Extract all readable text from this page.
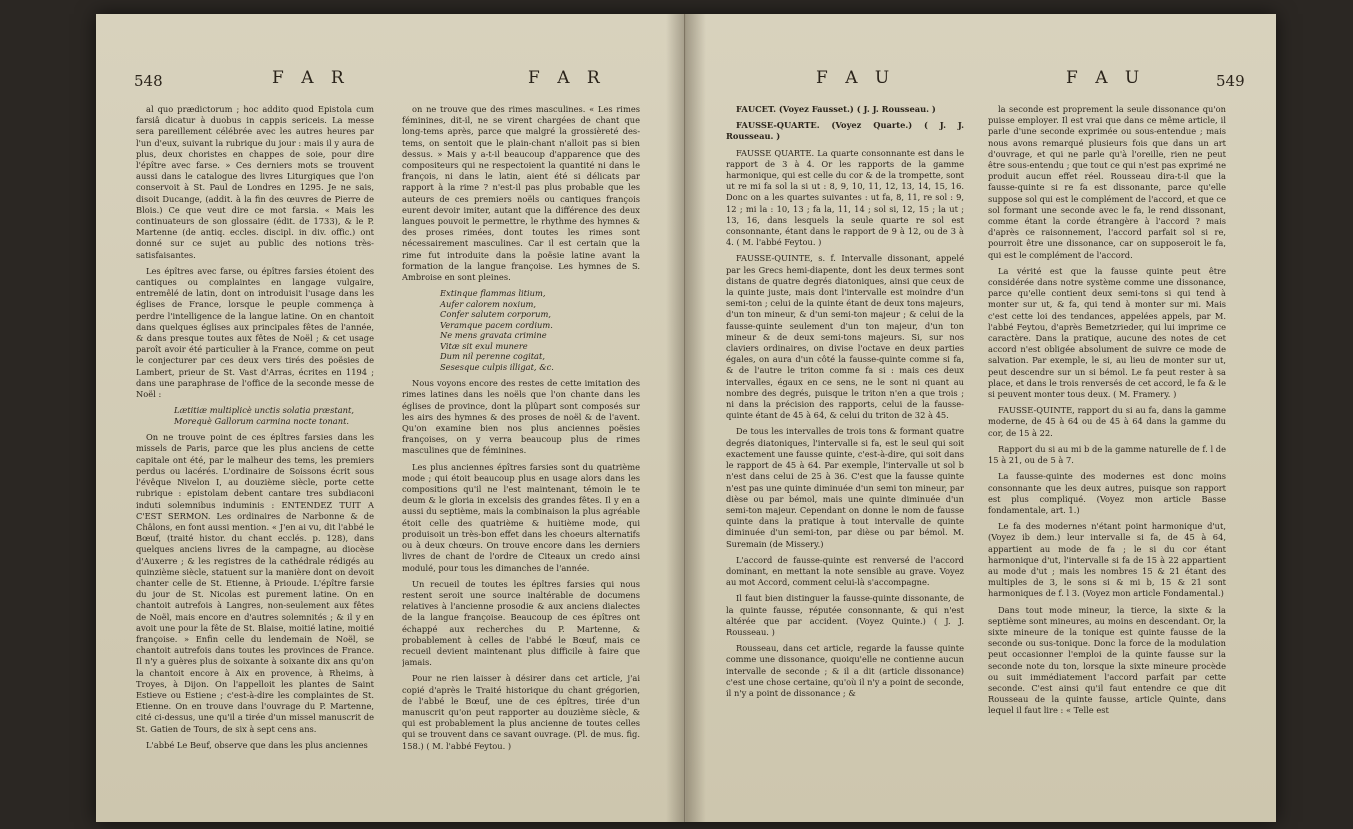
548	F A R	F A R

al quo prædictorum ; hoc addito quod Epistola cum farsiâ dicatur à duobus in cappis sericeis. La messe sera pareillement célébrée avec les autres heures par l'un d'eux, suivant la rubrique du jour : mais il y aura de plus, deux choristes en chappes de soie, pour dire l'épître avec farse. » Ces derniers mots se trouvent aussi dans le catalogue des livres Liturgiques que l'on conservoit à St. Paul de Londres en 1295. Je ne sais, disoit Ducange, (addit. à la fin des œuvres de Pierre de Blois.) Ce que veut dire ce mot farsia. « Mais les continuateurs de son glossaire (édit. de 1733), & le P. Martenne (de antiq. eccles. discipl. in div. offic.) ont donné sur ce sujet au public des notions très-satisfaisantes.

Les épîtres avec farse, ou épîtres farsies étoient des cantiques ou complaintes en langage vulgaire, entremêlé de latin, dont on introduisit l'usage dans les églises de France, lorsque le peuple commença à perdre l'intelligence de la langue latine. On en chantoit dans quelques églises aux principales fêtes de l'année, & dans presque toutes aux fêtes de Noël ; & cet usage paroît avoir été particulier à la France, comme on peut le conjecturer par ces deux vers tirés des poësies de Lambert, prieur de St. Vast d'Arras, écrites en 1194 ; dans une paraphrase de l'office de la seconde messe de Noël :

Lætitiæ multiplicè unctis solatia præstant,

Morequè Gallorum carmina nocte tonant.

On ne trouve point de ces épîtres farsies dans les missels de Paris, parce que les plus anciens de cette capitale ont été, par le malheur des tems, les premiers perdus ou lacérés. L'ordinaire de Soissons écrit sous l'évêque Nivelon I, au douzième siècle, porte cette rubrique : epistolam debent cantare tres subdiaconi induti solemnibus induminis : ENTENDEZ TUIT A C'EST SERMON. Les ordinaires de Narbonne & de Châlons, en font aussi mention. « J'en ai vu, dit l'abbé le Bœuf, (traité histor. du chant ecclés. p. 128), dans quelques anciens livres de la campagne, au diocèse d'Auxerre ; & les registres de la cathédrale rédigés au quinzième siècle, statuent sur la manière dont on devoit chanter celle de St. Etienne, à Prioude. L'épître farsie du jour de St. Nicolas est purement latine. On en chantoit autrefois à Langres, non-seulement aux fêtes de Noël, mais encore en d'autres solemnités ; & il y en avoit une pour la fête de St. Blaise, moitié latine, moitié françoise. » Enfin celle du lendemain de Noël, se chantoit autrefois dans toutes les provinces de France. Il n'y a guères plus de soixante à soixante dix ans qu'on la chantoit encore à Aix en provence, à Rheims, à Troyes, à Dijon. On l'appelloit les plantes de Saint Estieve ou Estiene ; c'est-à-dire les complaintes de St. Etienne. On en trouve dans l'ouvrage du P. Martenne, cité ci-dessus, une qu'il a tirée d'un missel manuscrit de St. Gatien de Tours, de six à sept cens ans.

L'abbé Le Beuf, observe que dans les plus anciennes

on ne trouve que des rimes masculines. « Les rimes féminines, dit-il, ne se virent chargées de chant que long-tems après, parce que malgré la grossièreté des-tems, on sentoit que le plain-chant n'alloit pas si bien dessus. » Mais y a-t-il beaucoup d'apparence que des compositeurs qui ne respectoient la quantité ni dans le françois, ni dans le latin, aient été si délicats par rapport à la rime ? n'est-il pas plus probable que les auteurs de ces premiers noëls ou cantiques françois eurent devoir imiter, autant que la différence des deux langues pouvoit le permettre, le rhythme des hymnes & des proses rimées, dont toutes les rimes sont nécessairement masculines. Car il est certain que la rime fut introduite dans la poësie latine avant la formation de la langue françoise. Les hymnes de S. Ambroise en sont pleines.

Extinque flammas litium,

Aufer calorem noxium,

Confer salutem corporum,

Veramque pacem cordium.

Ne mens gravata crimine

Vitæ sit exul munere

Dum nil perenne cogitat,

Sesesque culpis illigat, &c.

Nous voyons encore des restes de cette imitation des rimes latines dans les noëls que l'on chante dans les églises de province, dont la plûpart sont composés sur les airs des hymnes & des proses de noël & de l'avent. Qu'on examine bien nos plus anciennes poësies françoises, on y verra beaucoup plus de rimes masculines que de féminines.

Les plus anciennes épîtres farsies sont du quatrième mode ; qui étoit beaucoup plus en usage alors dans les compositions qu'il ne l'est maintenant, témoin le te deum & le gloria in excelsis des grandes fêtes. Il y en a aussi du septième, mais la combinaison la plus agréable étoit celle des quatrième & huitième mode, qui produisoit un très-bon effet dans les choeurs alternatifs ou à deux chœurs. On trouve encore dans les derniers livres de chant de l'ordre de Citeaux un credo ainsi modulé, pour tous les dimanches de l'année.

Un recueil de toutes les épîtres farsies qui nous restent seroit une source inaltérable de documens relatives à l'ancienne prosodie & aux anciens dialectes de la langue françoise. Beaucoup de ces épîtres ont échappé aux recherches du P. Martenne, & probablement à celles de l'abbé le Bœuf, mais ce recueil devient maintenant plus difficile à faire que jamais.

Pour ne rien laisser à désirer dans cet article, j'ai copié d'après le Traité historique du chant grégorien, de l'abbé le Bœuf, une de ces épîtres, tirée d'un manuscrit qu'on peut rapporter au douzième siècle, & qui est probablement la plus ancienne de toutes celles qui se trouvent dans ce savant ouvrage. (Pl. de mus. fig. 158.) ( M. l'abbé Feytou. )

F A U	F A U	549

FAUCET. (Voyez Fausset.) ( J. J. Rousseau. )

FAUSSE-QUARTE. (Voyez Quarte.) ( J. J. Rousseau. )

FAUSSE QUARTE. La quarte consonnante est dans le rapport de 3 à 4. Or les rapports de la gamme harmonique, qui est celle du cor & de la trompette, sont ut re mi fa sol la si ut : 8, 9, 10, 11, 12, 13, 14, 15, 16. Donc on a les quartes suivantes : ut fa, 8, 11, re sol : 9, 12 ; mi la : 10, 13 ; fa la, 11, 14 ; sol si, 12, 15 ; la ut ; 13, 16, dans lesquels la seule quarte re sol est consonnante, étant dans le rapport de 9 à 12, ou de 3 à 4. ( M. l'abbé Feytou. )

FAUSSE-QUINTE, s. f. Intervalle dissonant, appelé par les Grecs hemi-diapente, dont les deux termes sont distans de quatre degrés diatoniques, ainsi que ceux de la quinte juste, mais dont l'intervalle est moindre d'un semi-ton ; celui de la quinte étant de deux tons majeurs, d'un ton mineur, & d'un semi-ton majeur ; & celui de la fausse-quinte seulement d'un ton majeur, d'un ton mineur & de deux semi-tons majeurs. Si, sur nos claviers ordinaires, on divise l'octave en deux parties égales, on aura d'un côté la fausse-quinte comme si fa, & de l'autre le triton comme fa si : mais ces deux intervalles, égaux en ce sens, ne le sont ni quant au nombre des degrés, puisque le triton n'en a que trois ; ni dans la précision des rapports, celui de la fausse-quinte étant de 45 à 64, & celui du triton de 32 à 45.

De tous les intervalles de trois tons & formant quatre degrés diatoniques, l'intervalle si fa, est le seul qui soit exactement une fausse quinte, c'est-à-dire, qui soit dans le rapport de 45 à 64. Par exemple, l'intervalle ut sol b n'est dans celui de 25 à 36. C'est que la fausse quinte n'est pas une quinte diminuée d'un semi ton mineur, par dièse ou par bémol, mais une quinte diminuée d'un semi-ton majeur. Cependant on donne le nom de fausse quinte dans la pratique à tout intervalle de quinte diminuée d'un semi-ton, par dièse ou par bémol. M. Suremain (de Missery.)

L'accord de fausse-quinte est renversé de l'accord dominant, en mettant la note sensible au grave. Voyez au mot Accord, comment celui-là s'accompagne.

Il faut bien distinguer la fausse-quinte dissonante, de la quinte fausse, réputée consonnante, & qui n'est altérée que par accident. (Voyez Quinte.) ( J. J. Rousseau. )

Rousseau, dans cet article, regarde la fausse quinte comme une dissonance, quoiqu'elle ne contienne aucun intervalle de seconde ; & il a dit (article dissonance) c'est une chose certaine, qu'où il n'y a point de seconde, il n'y a point de dissonance ; &

la seconde est proprement la seule dissonance qu'on puisse employer. Il est vrai que dans ce même article, il parle d'une seconde exprimée ou sous-entendue ; mais nous avons remarqué plusieurs fois que dans un art d'ouvrage, et qui ne parle qu'à l'oreille, rien ne peut être sous-entendu ; que tout ce qui n'est pas exprimé ne produit aucun effet réel. Rousseau dira-t-il que la fausse-quinte si re fa est dissonante, parce qu'elle suppose sol qui est le complément de l'accord, et que ce sol formant une seconde avec le fa, le rend dissonant, comme étant la corde étrangère à l'accord ? mais d'après ce raisonnement, l'accord parfait sol si re, pourroit être une dissonance, car on supposeroit le fa, qui est le complément de l'accord.

La vérité est que la fausse quinte peut être considérée dans notre système comme une dissonance, parce qu'elle contient deux semi-tons si qui tend à monter sur ut, & fa, qui tend à monter sur mi. Mais c'est cette loi des tendances, appelées appels, par M. l'abbé Feytou, d'après Bemetzrieder, qui lui imprime ce caractère. Dans la pratique, aucune des notes de cet accord n'est obligée absolument de suivre ce mode de salvation. Par exemple, le si, au lieu de monter sur ut, peut descendre sur un si bémol. Le fa peut rester à sa place, et dans le trois renversés de cet accord, le fa & le si peuvent monter tous deux. ( M. Framery. )

FAUSSE-QUINTE, rapport du si au fa, dans la gamme moderne, de 45 à 64 ou de 45 à 64 dans la gamme du cor, de 15 à 22.

Rapport du si au mi b de la gamme naturelle de f. l de 15 à 21, ou de 5 à 7.

La fausse-quinte des modernes est donc moins consonnante que les deux autres, puisque son rapport est plus compliqué. (Voyez mon article Basse fondamentale, art. 1.)

Le fa des modernes n'étant point harmonique d'ut, (Voyez ib dem.) leur intervalle si fa, de 45 à 64, appartient au mode de fa ; le si du cor étant harmonique d'ut, l'intervalle si fa de 15 à 22 appartient au mode d'ut ; mais les nombres 15 & 21 étant des multiples de 3, le sons si & mi b, 15 & 21 sont harmoniques de f. l 3. (Voyez mon article Fondamental.)

Dans tout mode mineur, la tierce, la sixte & la septième sont mineures, au moins en descendant. Or, la sixte mineure de la tonique est quinte fausse de la seconde ou sus-tonique. Donc la force de la modulation peut occasionner l'emploi de la quinte fausse sur la seconde note du ton, lorsque la sixte mineure procède ou suit immédiatement l'accord parfait par cette seconde. C'est ainsi qu'il faut entendre ce que dit Rousseau de la quinte fausse, article Quinte, dans lequel il faut lire : « Telle est
